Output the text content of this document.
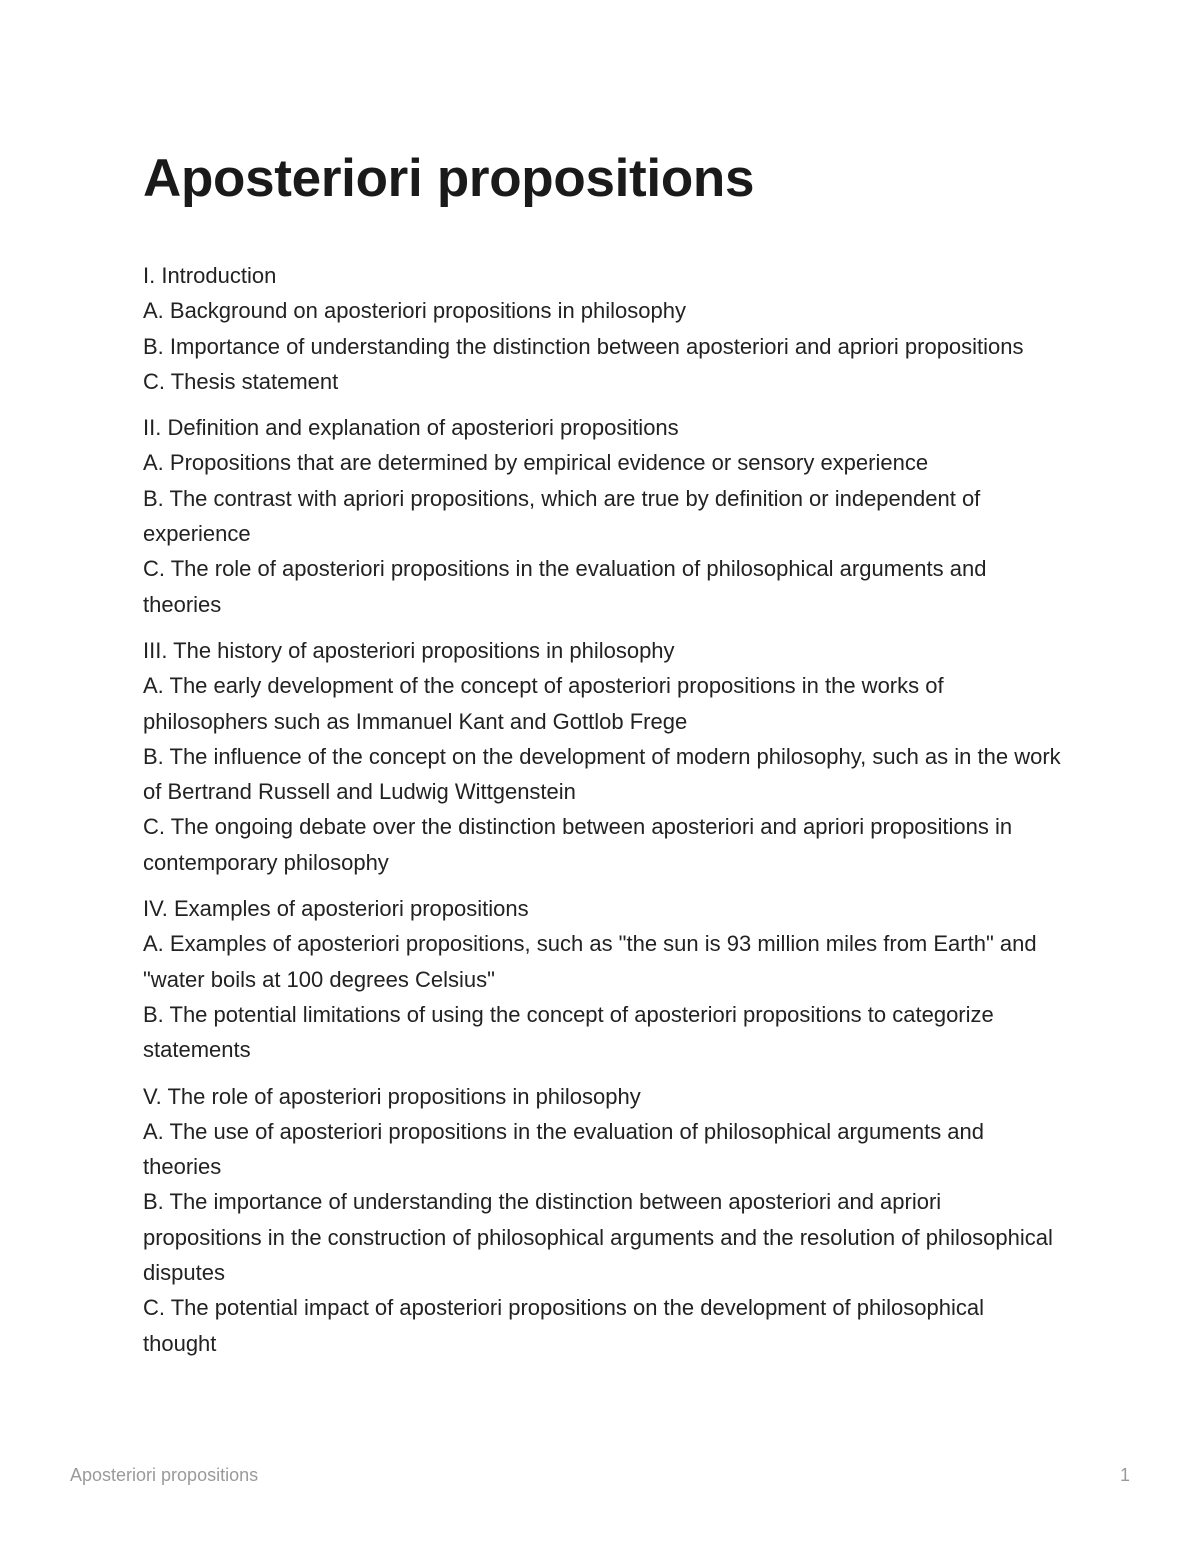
Aposteriori propositions

I. Introduction

A. Background on aposteriori propositions in philosophy

B. Importance of understanding the distinction between aposteriori and apriori propositions

C. Thesis statement

II. Definition and explanation of aposteriori propositions

A. Propositions that are determined by empirical evidence or sensory experience

B. The contrast with apriori propositions, which are true by definition or independent of experience

C. The role of aposteriori propositions in the evaluation of philosophical arguments and theories

III. The history of aposteriori propositions in philosophy

A. The early development of the concept of aposteriori propositions in the works of philosophers such as Immanuel Kant and Gottlob Frege

B. The influence of the concept on the development of modern philosophy, such as in the work of Bertrand Russell and Ludwig Wittgenstein

C. The ongoing debate over the distinction between aposteriori and apriori propositions in contemporary philosophy

IV. Examples of aposteriori propositions

A. Examples of aposteriori propositions, such as "the sun is 93 million miles from Earth" and "water boils at 100 degrees Celsius"

B. The potential limitations of using the concept of aposteriori propositions to categorize statements

V. The role of aposteriori propositions in philosophy

A. The use of aposteriori propositions in the evaluation of philosophical arguments and theories

B. The importance of understanding the distinction between aposteriori and apriori propositions in the construction of philosophical arguments and the resolution of philosophical disputes

C. The potential impact of aposteriori propositions on the development of philosophical thought

Aposteriori propositions	1
